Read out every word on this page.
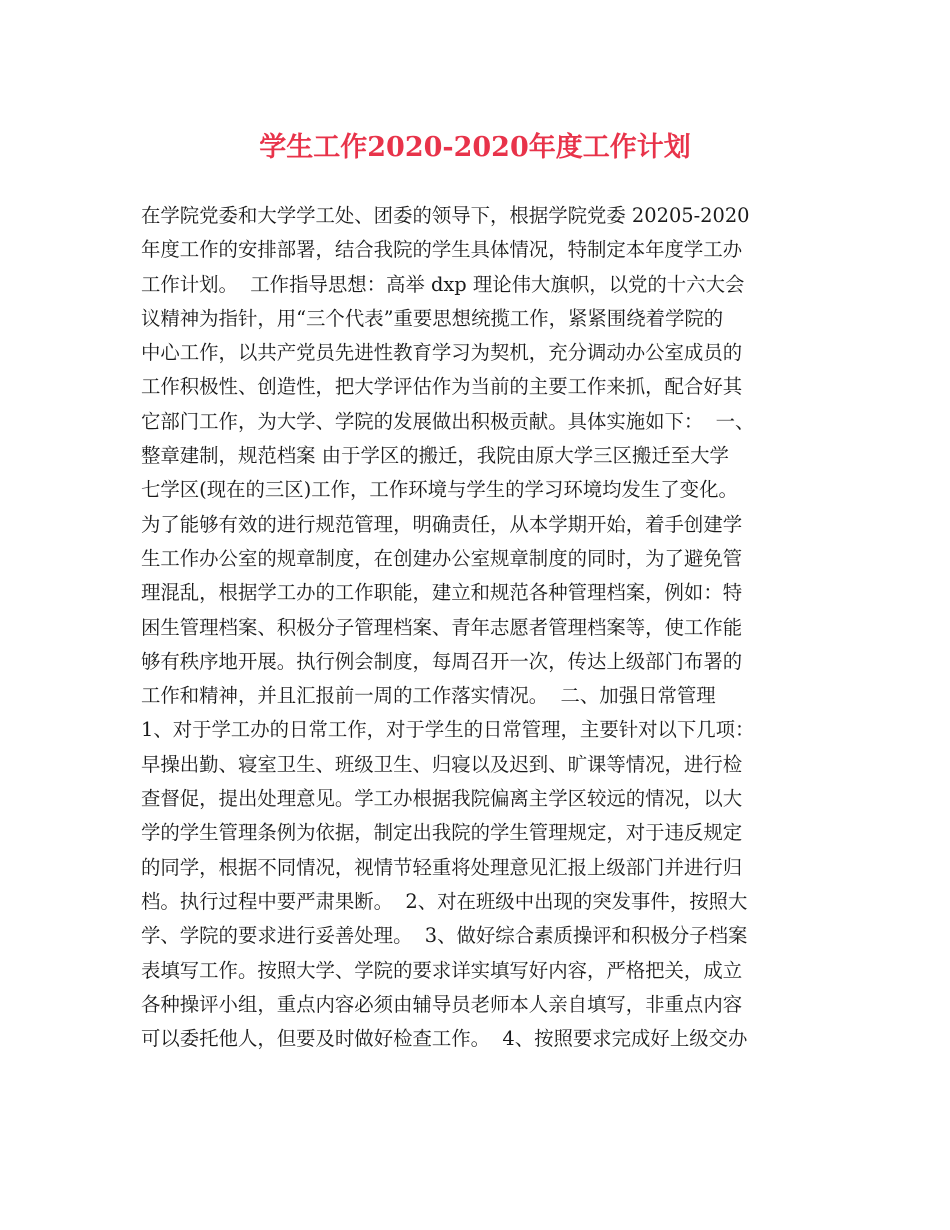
学生工作2020-2020年度工作计划
在学院党委和大学学工处、团委的领导下，根据学院党委 20205-2020
年度工作的安排部署，结合我院的学生具体情况，特制定本年度学工办
工作计划。  工作指导思想：高举 dxp 理论伟大旗帜，以党的十六大会
议精神为指针，用“三个代表”重要思想统揽工作，紧紧围绕着学院的
中心工作，以共产党员先进性教育学习为契机，充分调动办公室成员的
工作积极性、创造性，把大学评估作为当前的主要工作来抓，配合好其
它部门工作，为大学、学院的发展做出积极贡献。具体实施如下：  一、
整章建制，规范档案 由于学区的搬迁，我院由原大学三区搬迁至大学
七学区(现在的三区)工作，工作环境与学生的学习环境均发生了变化。
为了能够有效的进行规范管理，明确责任，从本学期开始，着手创建学
生工作办公室的规章制度，在创建办公室规章制度的同时，为了避免管
理混乱，根据学工办的工作职能，建立和规范各种管理档案，例如：特
困生管理档案、积极分子管理档案、青年志愿者管理档案等，使工作能
够有秩序地开展。执行例会制度，每周召开一次，传达上级部门布署的
工作和精神，并且汇报前一周的工作落实情况。  二、加强日常管理
1、对于学工办的日常工作，对于学生的日常管理，主要针对以下几项：
早操出勤、寝室卫生、班级卫生、归寝以及迟到、旷课等情况，进行检
查督促，提出处理意见。学工办根据我院偏离主学区较远的情况，以大
学的学生管理条例为依据，制定出我院的学生管理规定，对于违反规定
的同学，根据不同情况，视情节轻重将处理意见汇报上级部门并进行归
档。执行过程中要严肃果断。  2、对在班级中出现的突发事件，按照大
学、学院的要求进行妥善处理。  3、做好综合素质操评和积极分子档案
表填写工作。按照大学、学院的要求详实填写好内容，严格把关，成立
各种操评小组，重点内容必须由辅导员老师本人亲自填写，非重点内容
可以委托他人，但要及时做好检查工作。  4、按照要求完成好上级交办
